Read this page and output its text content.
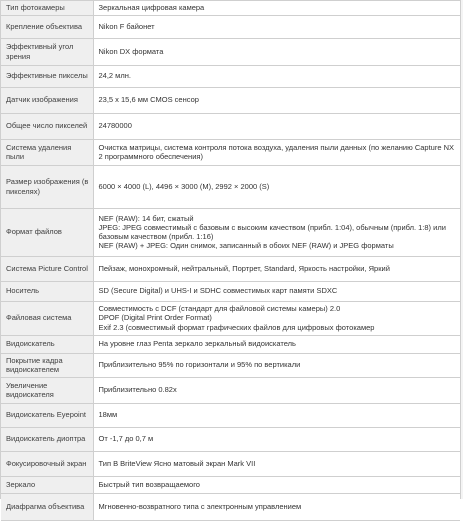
Тип фотокамеры	Зеркальная цифровая камера

Крепление объектива	Nikon F байонет

Эффективный угол зрения	Nikon DX формата

Эффективные пикселы	24,2 млн.

Датчик изображения	23,5 x 15,6 мм CMOS сенсор

Общее число пикселей	24780000

Система удаления пыли	Очистка матрицы, система контроля потока воздуха, удаления пыли данных (по желанию Capture NX 2 программного обеспечения)

Размер изображения (в пикселях)	6000 × 4000 (L), 4496 × 3000 (M), 2992 × 2000 (S)

Формат файлов	NEF (RAW): 14 бит, сжатый
JPEG: JPEG совместимый с базовым с высоким качеством (прибл. 1:04), обычным (прибл. 1:8) или базовым качеством (прибл. 1:16)
NEF (RAW) + JPEG: Один снимок, записанный в обоих NEF (RAW) и JPEG форматы

Система Picture Control	Пейзаж, монохромный, нейтральный, Портрет, Standard, Яркость настройки, Яркий

Носитель	SD (Secure Digital) и UHS-I и SDHC совместимых карт памяти SDXC

Файловая система	Совместимость с DCF (стандарт для файловой системы камеры) 2.0
DPOF (Digital Print Order Format)
Exif 2.3 (совместимый формат графических файлов для цифровых фотокамер

Видоискатель	На уровне глаз Penta зеркало зеркальный видоискатель

Покрытие кадра видоискателем	Приблизительно 95% по горизонтали и 95% по вертикали

Увеличение видоискателя	Приблизительно 0.82x

Видоискатель Eyepoint	18мм

Видоискатель диоптра	От -1,7 до 0,7 м

Фокусировочный экран	Тип B BriteView Ясно матовый экран Mark VII

Зеркало	Быстрый тип возвращаемого

Диафрагма объектива	Мгновенно-возвратного типа с электронным управлением
